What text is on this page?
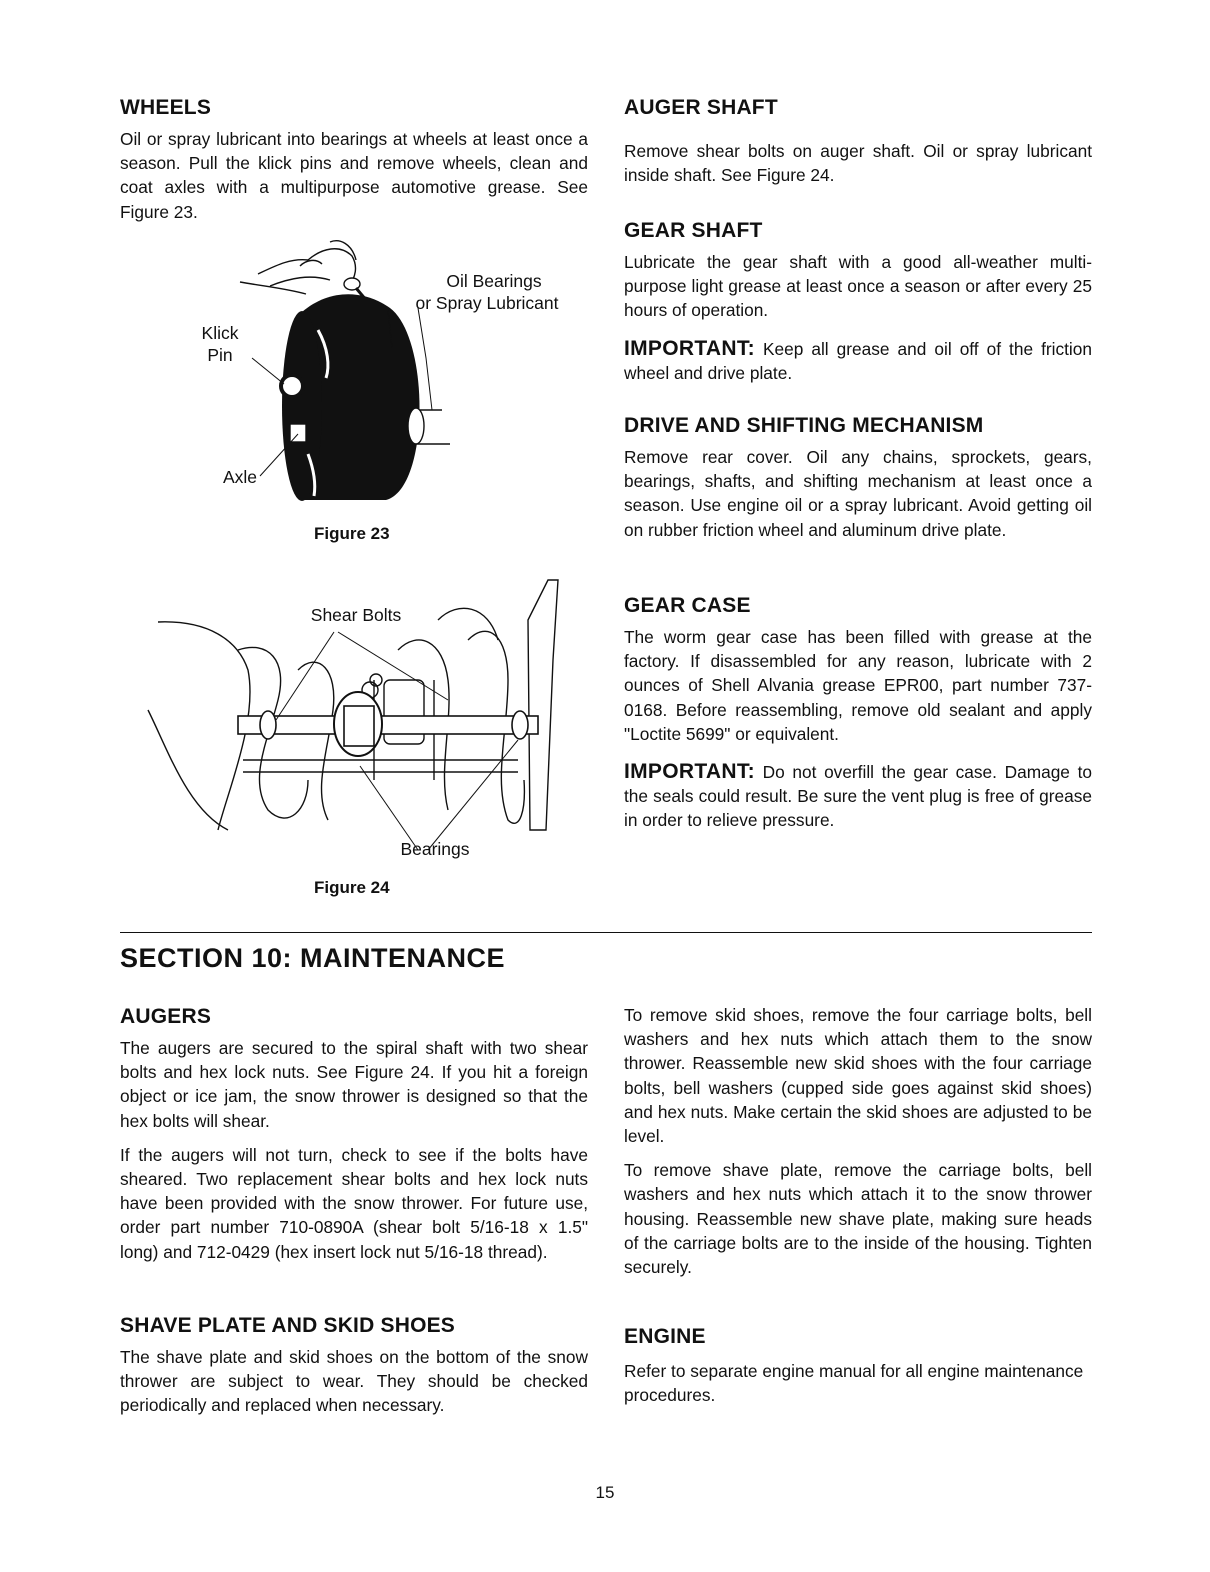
WHEELS

Oil or spray lubricant into bearings at wheels at least once a season. Pull the klick pins and remove wheels, clean and coat axles with a multipurpose automotive grease. See Figure 23.

Oil Bearings
or Spray Lubricant
Klick
Pin
Axle
Figure 23
Shear Bolts
Bearings
Figure 24
AUGER SHAFT

Remove shear bolts on auger shaft. Oil or spray lubricant inside shaft. See Figure 24.

GEAR SHAFT

Lubricate the gear shaft with a good all-weather multi-purpose light grease at least once a season or after every 25 hours of operation.

IMPORTANT: Keep all grease and oil off of the friction wheel and drive plate.

DRIVE AND SHIFTING MECHANISM

Remove rear cover. Oil any chains, sprockets, gears, bearings, shafts, and shifting mechanism at least once a season. Use engine oil or a spray lubricant. Avoid getting oil on rubber friction wheel and aluminum drive plate.

GEAR CASE

The worm gear case has been filled with grease at the factory. If disassembled for any reason, lubricate with 2 ounces of Shell Alvania grease EPR00, part number 737-0168. Before reassembling, remove old sealant and apply "Loctite 5699" or equivalent.

IMPORTANT: Do not overfill the gear case. Damage to the seals could result. Be sure the vent plug is free of grease in order to relieve pressure.

SECTION 10: MAINTENANCE
AUGERS

The augers are secured to the spiral shaft with two shear bolts and hex lock nuts. See Figure 24. If you hit a foreign object or ice jam, the snow thrower is designed so that the hex bolts will shear.

If the augers will not turn, check to see if the bolts have sheared. Two replacement shear bolts and hex lock nuts have been provided with the snow thrower. For future use, order part number 710-0890A (shear bolt 5/16-18 x 1.5" long) and 712-0429 (hex insert lock nut 5/16-18 thread).

SHAVE PLATE AND SKID SHOES

The shave plate and skid shoes on the bottom of the snow thrower are subject to wear. They should be checked periodically and replaced when necessary.

To remove skid shoes, remove the four carriage bolts, bell washers and hex nuts which attach them to the snow thrower. Reassemble new skid shoes with the four carriage bolts, bell washers (cupped side goes against skid shoes) and hex nuts. Make certain the skid shoes are adjusted to be level.

To remove shave plate, remove the carriage bolts, bell washers and hex nuts which attach it to the snow thrower housing. Reassemble new shave plate, making sure heads of the carriage bolts are to the inside of the housing. Tighten securely.

ENGINE

Refer to separate engine manual for all engine maintenance procedures.

15
